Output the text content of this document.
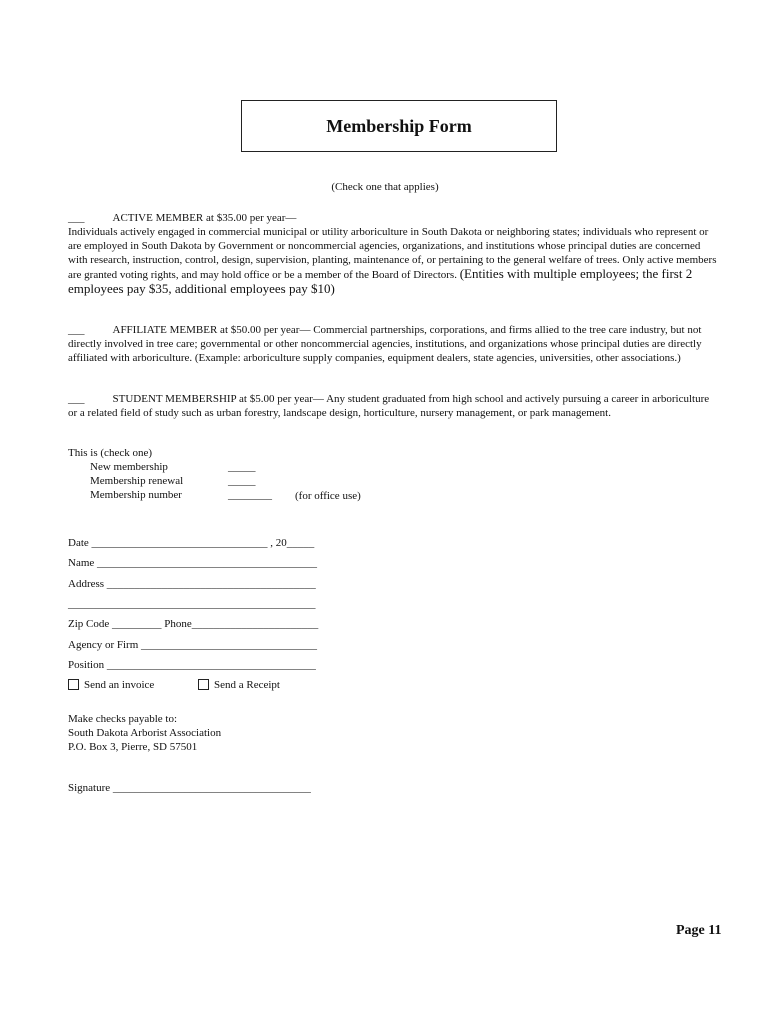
Membership Form
(Check one that applies)
___	ACTIVE MEMBER at $35.00 per year—
Individuals actively engaged in commercial municipal or utility arboriculture in South Dakota or neighboring states; individuals who represent or are employed in South Dakota by Government or noncommercial agencies, organizations, and institutions whose principal duties are concerned with research, instruction, control, design, supervision, planting, maintenance of, or pertaining to the general welfare of trees. Only active members are granted voting rights, and may hold office or be a member of the Board of Directors. (Entities with multiple employees; the first 2 employees pay $35, additional employees pay $10)
___	AFFILIATE MEMBER at $50.00 per year— Commercial partnerships, corporations, and firms allied to the tree care industry, but not directly involved in tree care; governmental or other noncommercial agencies, institutions, and organizations whose principal duties are directly affiliated with arboriculture. (Example: arboriculture supply companies, equipment dealers, state agencies, universities, other associations.)
___	STUDENT MEMBERSHIP at $5.00 per year— Any student graduated from high school and actively pursuing a career in arboriculture or a related field of study such as urban forestry, landscape design, horticulture, nursery management, or park management.
This is (check one)
New membership	_____
Membership renewal	_____
Membership number	________ (for office use)
Date ________________________________ , 20_____
Name ________________________________________
Address ______________________________________
_____________________________________________
Zip Code _________ Phone_______________________
Agency or Firm ________________________________
Position ______________________________________
Send an invoice	Send a Receipt
Make checks payable to:
South Dakota Arborist Association
P.O. Box 3, Pierre, SD 57501
Signature ____________________________________
Page 11
